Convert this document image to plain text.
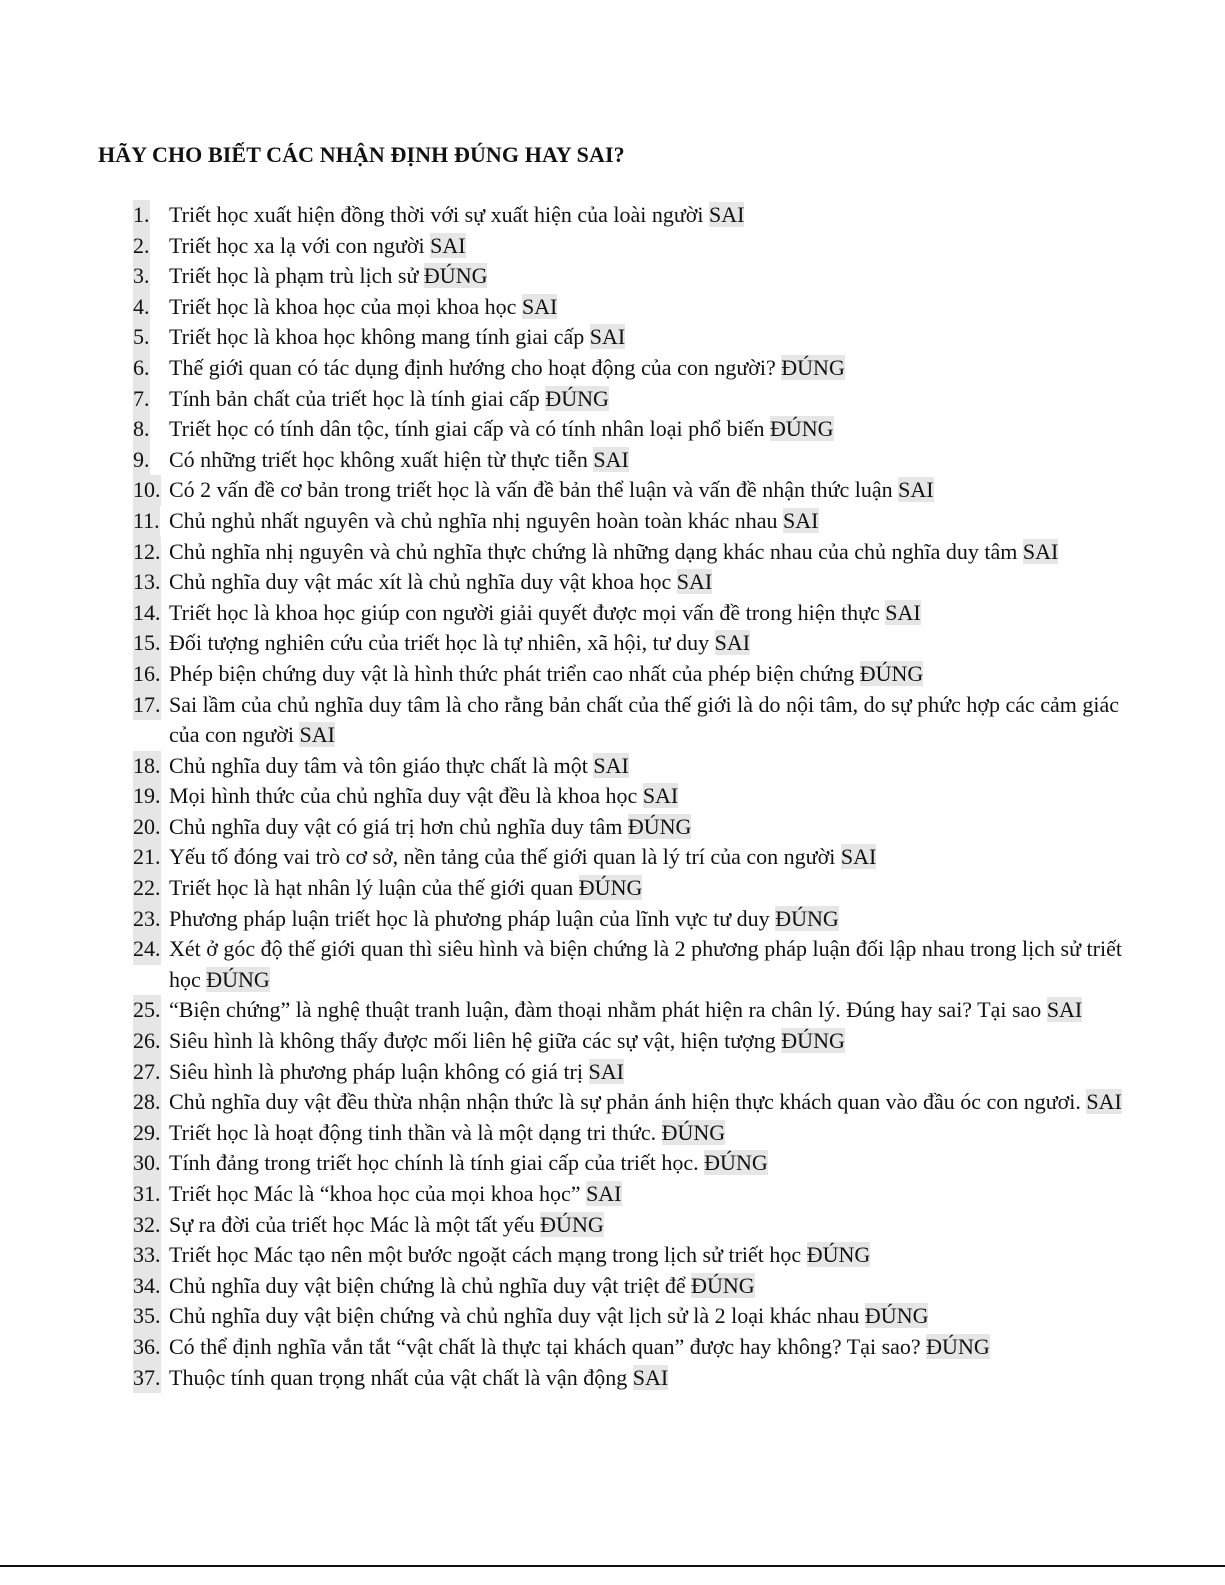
HÃY CHO BIẾT CÁC NHẬN ĐỊNH ĐÚNG HAY SAI?
1. Triết học xuất hiện đồng thời với sự xuất hiện của loài người SAI
2. Triết học xa lạ với con người SAI
3. Triết học là phạm trù lịch sử ĐÚNG
4. Triết học là khoa học của mọi khoa học SAI
5. Triết học là khoa học không mang tính giai cấp SAI
6. Thế giới quan có tác dụng định hướng cho hoạt động của con người? ĐÚNG
7. Tính bản chất của triết học là tính giai cấp ĐÚNG
8. Triết học có tính dân tộc, tính giai cấp và có tính nhân loại phổ biến ĐÚNG
9. Có những triết học không xuất hiện từ thực tiễn SAI
10. Có 2 vấn đề cơ bản trong triết học là vấn đề bản thể luận và vấn đề nhận thức luận SAI
11. Chủ nghủ nhất nguyên và chủ nghĩa nhị nguyên hoàn toàn khác nhau SAI
12. Chủ nghĩa nhị nguyên và chủ nghĩa thực chứng là những dạng khác nhau của chủ nghĩa duy tâm SAI
13. Chủ nghĩa duy vật mác xít là chủ nghĩa duy vật khoa học SAI
14. Triết học là khoa học giúp con người giải quyết được mọi vấn đề trong hiện thực SAI
15. Đối tượng nghiên cứu của triết học là tự nhiên, xã hội, tư duy SAI
16. Phép biện chứng duy vật là hình thức phát triển cao nhất của phép biện chứng ĐÚNG
17. Sai lầm của chủ nghĩa duy tâm là cho rằng bản chất của thế giới là do nội tâm, do sự phức hợp các cảm giác của con người SAI
18. Chủ nghĩa duy tâm và tôn giáo thực chất là một SAI
19. Mọi hình thức của chủ nghĩa duy vật đều là khoa học SAI
20. Chủ nghĩa duy vật có giá trị hơn chủ nghĩa duy tâm ĐÚNG
21. Yếu tố đóng vai trò cơ sở, nền tảng của thế giới quan là lý trí của con người SAI
22. Triết học là hạt nhân lý luận của thế giới quan ĐÚNG
23. Phương pháp luận triết học là phương pháp luận của lĩnh vực tư duy ĐÚNG
24. Xét ở góc độ thế giới quan thì siêu hình và biện chứng là 2 phương pháp luận đối lập nhau trong lịch sử triết học ĐÚNG
25. “Biện chứng” là nghệ thuật tranh luận, đàm thoại nhằm phát hiện ra chân lý. Đúng hay sai? Tại sao SAI
26. Siêu hình là không thấy được mối liên hệ giữa các sự vật, hiện tượng ĐÚNG
27. Siêu hình là phương pháp luận không có giá trị SAI
28. Chủ nghĩa duy vật đều thừa nhận nhận thức là sự phản ánh hiện thực khách quan vào đầu óc con ngươi. SAI
29. Triết học là hoạt động tinh thần và là một dạng tri thức. ĐÚNG
30. Tính đảng trong triết học chính là tính giai cấp của triết học. ĐÚNG
31. Triết học Mác là “khoa học của mọi khoa học” SAI
32. Sự ra đời của triết học Mác là một tất yếu ĐÚNG
33. Triết học Mác tạo nên một bước ngoặt cách mạng trong lịch sử triết học ĐÚNG
34. Chủ nghĩa duy vật biện chứng là chủ nghĩa duy vật triệt để ĐÚNG
35. Chủ nghĩa duy vật biện chứng và chủ nghĩa duy vật lịch sử là 2 loại khác nhau ĐÚNG
36. Có thể định nghĩa vắn tắt “vật chất là thực tại khách quan” được hay không? Tại sao? ĐÚNG
37. Thuộc tính quan trọng nhất của vật chất là vận động SAI
